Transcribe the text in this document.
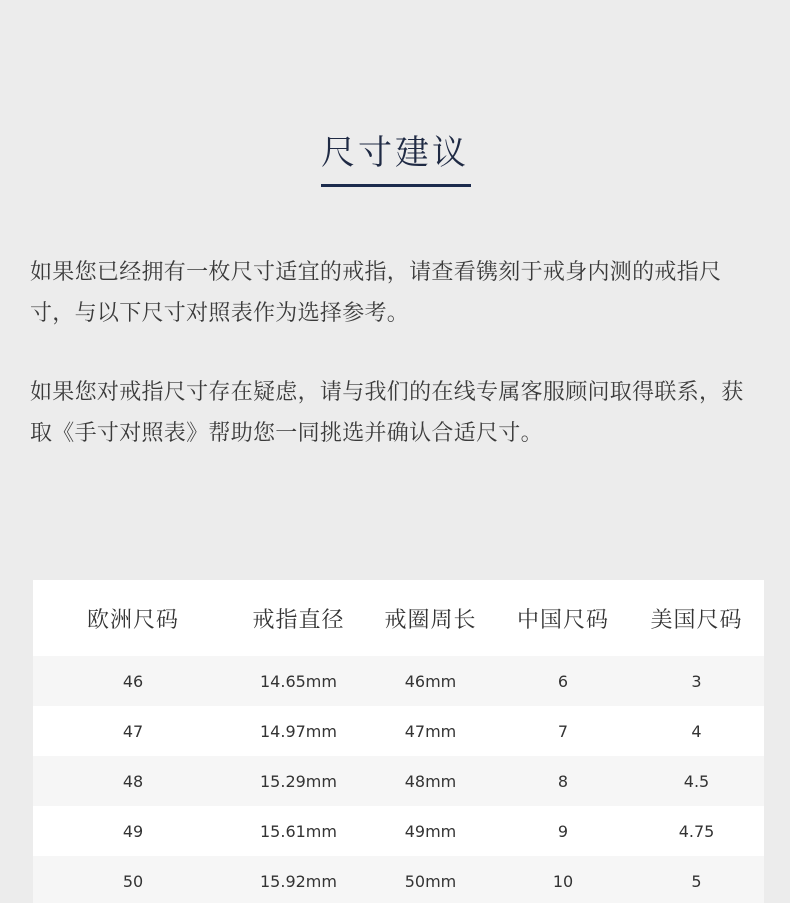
尺寸建议

如果您已经拥有一枚尺寸适宜的戒指，请查看镌刻于戒身内测的戒指尺寸，与以下尺寸对照表作为选择参考。

如果您对戒指尺寸存在疑虑，请与我们的在线专属客服顾问取得联系，获取《手寸对照表》帮助您一同挑选并确认合适尺寸。

欧洲尺码	戒指直径	戒圈周长	中国尺码	美国尺码
46	14.65mm	46mm	6	3
47	14.97mm	47mm	7	4
48	15.29mm	48mm	8	4.5
49	15.61mm	49mm	9	4.75
50	15.92mm	50mm	10	5
